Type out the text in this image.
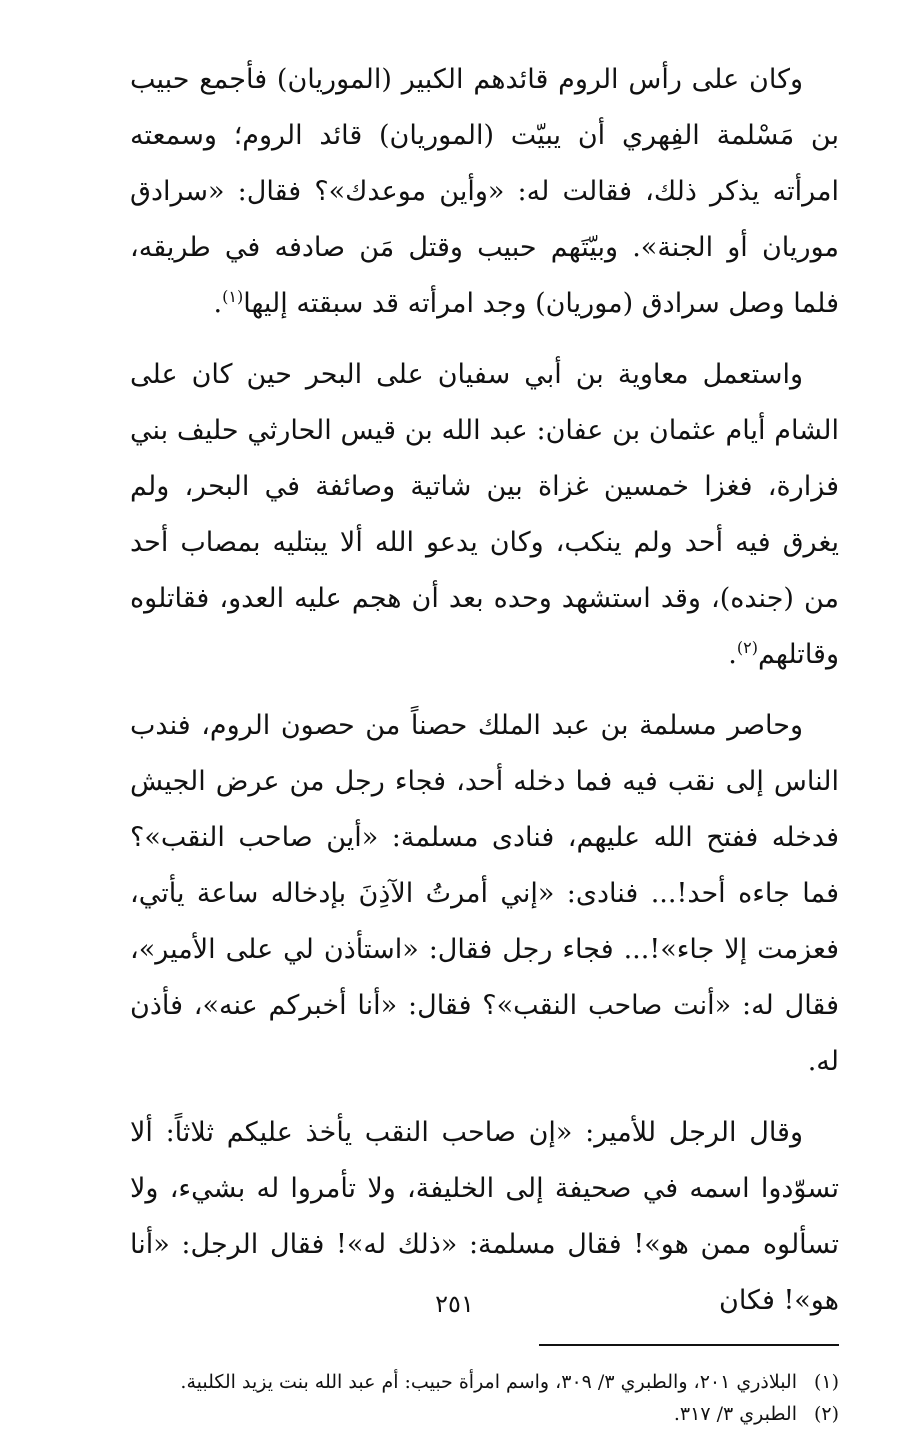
وكان على رأس الروم قائدهم الكبير (الموريان) فأجمع حبيب بن مَسْلمة الفِهري أن يبيّت (الموريان) قائد الروم؛ وسمعته امرأته يذكر ذلك، فقالت له: «وأين موعدك»؟ فقال: «سرادق موريان أو الجنة». وبيّتَهم حبيب وقتل مَن صادفه في طريقه، فلما وصل سرادق (موريان) وجد امرأته قد سبقته إليها$^{(١)}$.

واستعمل معاوية بن أبي سفيان على البحر حين كان على الشام أيام عثمان بن عفان: عبد الله بن قيس الحارثي حليف بني فزارة، فغزا خمسين غزاة بين شاتية وصائفة في البحر، ولم يغرق فيه أحد ولم ينكب، وكان يدعو الله ألا يبتليه بمصاب أحد من (جنده)، وقد استشهد وحده بعد أن هجم عليه العدو، فقاتلوه وقاتلهم$^{(٢)}$.

وحاصر مسلمة بن عبد الملك حصناً من حصون الروم، فندب الناس إلى نقب فيه فما دخله أحد، فجاء رجل من عرض الجيش فدخله ففتح الله عليهم، فنادى مسلمة: «أين صاحب النقب»؟ فما جاءه أحد!... فنادى: «إني أمرتُ الآذِنَ بإدخاله ساعة يأتي، فعزمت إلا جاء»!... فجاء رجل فقال: «استأذن لي على الأمير»، فقال له: «أنت صاحب النقب»؟ فقال: «أنا أخبركم عنه»، فأذن له.

وقال الرجل للأمير: «إن صاحب النقب يأخذ عليكم ثلاثاً: ألا تسوّدوا اسمه في صحيفة إلى الخليفة، ولا تأمروا له بشيء، ولا تسألوه ممن هو»! فقال مسلمة: «ذلك له»! فقال الرجل: «أنا هو»! فكان

(١)
البلاذري ٢٠١، والطبري ٣/ ٣٠٩، واسم امرأة حبيب: أم عبد الله بنت يزيد الكلبية.
(٢)
الطبري ٣/ ٣١٧.
٢٥١
